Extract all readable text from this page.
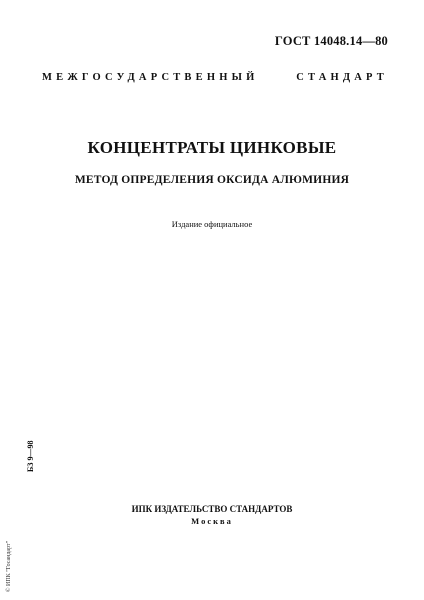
ГОСТ 14048.14—80
МЕЖГОСУДАРСТВЕННЫЙ	СТАНДАРТ
КОНЦЕНТРАТЫ ЦИНКОВЫЕ
МЕТОД ОПРЕДЕЛЕНИЯ ОКСИДА АЛЮМИНИЯ
Издание официальное
БЗ 9—98
ИПК ИЗДАТЕЛЬСТВО СТАНДАРТОВ
Москва
© ИПК "Госандарт"
